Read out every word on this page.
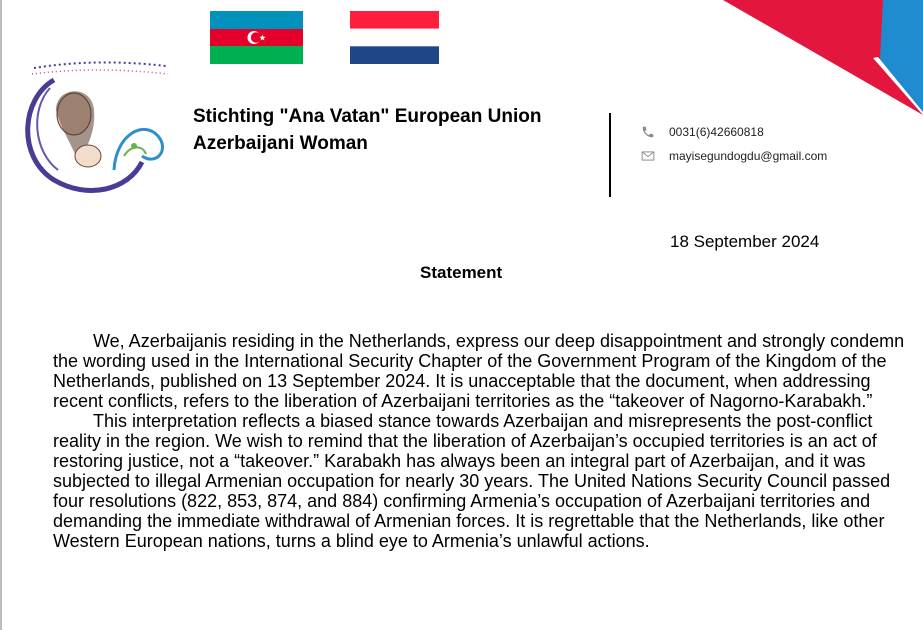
Stichting "Ana Vatan" European Union
Azerbaijani Woman
0031(6)42660818
mayisegundogdu@gmail.com
18 September 2024
Statement

We, Azerbaijanis residing in the Netherlands, express our deep disappointment and strongly condemn the wording used in the International Security Chapter of the Government Program of the Kingdom of the Netherlands, published on 13 September 2024. It is unacceptable that the document, when addressing recent conflicts, refers to the liberation of Azerbaijani territories as the “takeover of Nagorno-Karabakh.”

This interpretation reflects a biased stance towards Azerbaijan and misrepresents the post-conflict reality in the region. We wish to remind that the liberation of Azerbaijan’s occupied territories is an act of restoring justice, not a “takeover.” Karabakh has always been an integral part of Azerbaijan, and it was subjected to illegal Armenian occupation for nearly 30 years. The United Nations Security Council passed four resolutions (822, 853, 874, and 884) confirming Armenia’s occupation of Azerbaijani territories and demanding the immediate withdrawal of Armenian forces. It is regrettable that the Netherlands, like other Western European nations, turns a blind eye to Armenia’s unlawful actions.
